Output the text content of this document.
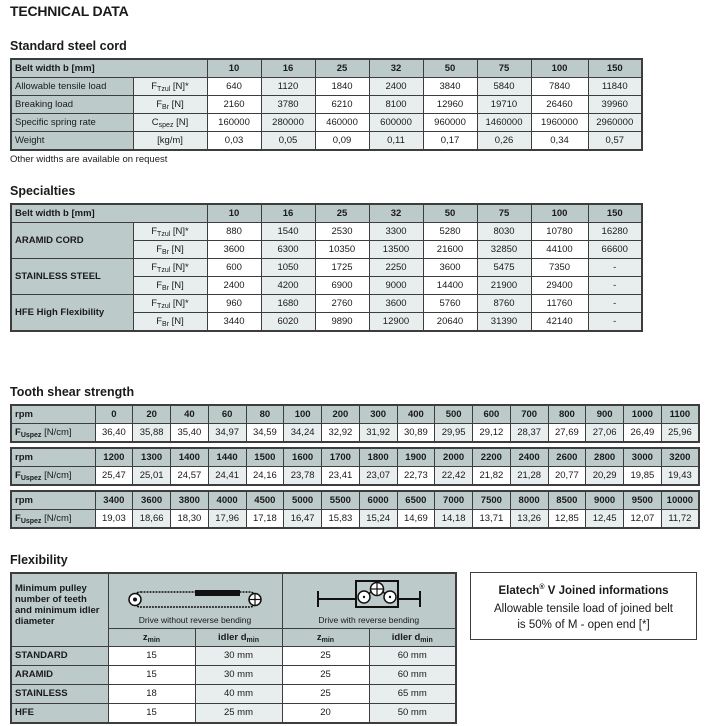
TECHNICAL DATA
Standard steel cord
Belt width b [mm]		10	16	25	32	50	75	100	150
Allowable tensile load	$F_{Tzul}$ [N]*	640	1120	1840	2400	3840	5840	7840	11840
Breaking load	$F_{Br}$ [N]	2160	3780	6210	8100	12960	19710	26460	39960
Specific spring rate	$C_{spez}$ [N]	160000	280000	460000	600000	960000	1460000	1960000	2960000
Weight	[kg/m]	0,03	0,05	0,09	0,11	0,17	0,26	0,34	0,57
Other widths are available on request
Specialties
Belt width b [mm]		10	16	25	32	50	75	100	150
ARAMID CORD	$F_{Tzul}$ [N]*	880	1540	2530	3300	5280	8030	10780	16280
	$F_{Br}$ [N]	3600	6300	10350	13500	21600	32850	44100	66600
STAINLESS STEEL	$F_{Tzul}$ [N]*	600	1050	1725	2250	3600	5475	7350	-
	$F_{Br}$ [N]	2400	4200	6900	9000	14400	21900	29400	-
HFE High Flexibility	$F_{Tzul}$ [N]*	960	1680	2760	3600	5760	8760	11760	-
	$F_{Br}$ [N]	3440	6020	9890	12900	20640	31390	42140	-
Tooth shear strength
rpm	0	20	40	60	80	100	200	300	400	500	600	700	800	900	1000	1100
$F_{Uspez}$ [N/cm]	36,40	35,88	35,40	34,97	34,59	34,24	32,92	31,92	30,89	29,95	29,12	28,37	27,69	27,06	26,49	25,96
rpm	1200	1300	1400	1440	1500	1600	1700	1800	1900	2000	2200	2400	2600	2800	3000	3200
$F_{Uspez}$ [N/cm]	25,47	25,01	24,57	24,41	24,16	23,78	23,41	23,07	22,73	22,42	21,82	21,28	20,77	20,29	19,85	19,43
rpm	3400	3600	3800	4000	4500	5000	5500	6000	6500	7000	7500	8000	8500	9000	9500	10000
$F_{Uspez}$ [N/cm]	19,03	18,66	18,30	17,96	17,18	16,47	15,83	15,24	14,69	14,18	13,71	13,26	12,85	12,45	12,07	11,72
Flexibility
Minimum pulley number of teeth and minimum idler diameter	Drive without reverse bending		Drive with reverse bending	
	$z_{min}$	idler $d_{min}$	$z_{min}$	idler $d_{min}$
STANDARD	15	30 mm	25	60 mm
ARAMID	15	30 mm	25	60 mm
STAINLESS	18	40 mm	25	65 mm
HFE	15	25 mm	20	50 mm
Elatech® V Joined informations
Allowable tensile load of joined belt
is 50% of M - open end [*]
